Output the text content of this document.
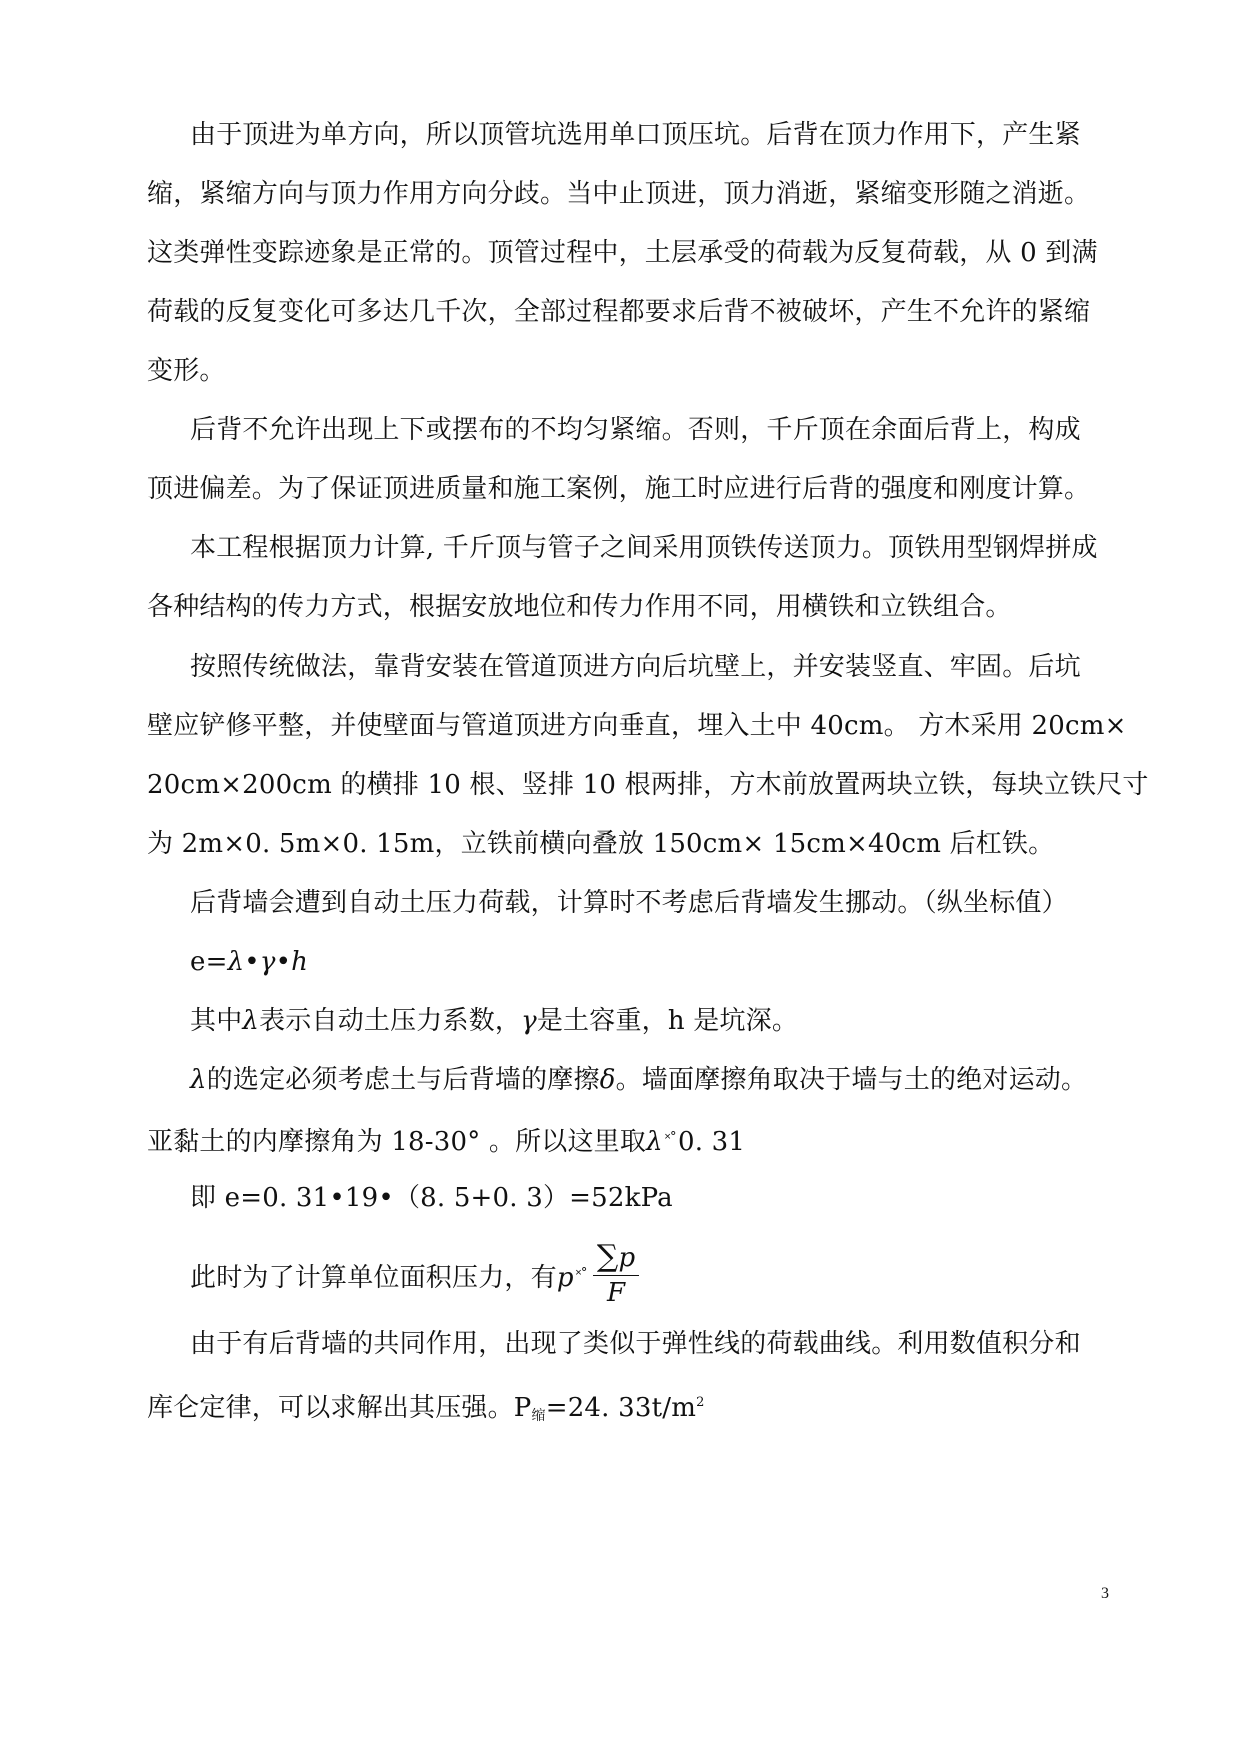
由于顶进为单方向，所以顶管坑选用单口顶压坑。后背在顶力作用下，产生紧
缩，紧缩方向与顶力作用方向分歧。当中止顶进，顶力消逝，紧缩变形随之消逝。
这类弹性变踪迹象是正常的。顶管过程中，土层承受的荷载为反复荷载，从 0 到满
荷载的反复变化可多达几千次，全部过程都要求后背不被破坏，产生不允许的紧缩
变形。
后背不允许出现上下或摆布的不均匀紧缩。否则，千斤顶在余面后背上，构成
顶进偏差。为了保证顶进质量和施工案例，施工时应进行后背的强度和刚度计算。
本工程根据顶力计算, 千斤顶与管子之间采用顶铁传送顶力。顶铁用型钢焊拼成
各种结构的传力方式，根据安放地位和传力作用不同，用横铁和立铁组合。
按照传统做法，靠背安装在管道顶进方向后坑壁上，并安装竖直、牢固。后坑
壁应铲修平整，并使壁面与管道顶进方向垂直，埋入土中 40cm。 方木采用 20cm×
20cm×200cm 的横排 10 根、竖排 10 根两排，方木前放置两块立铁，每块立铁尺寸
为 2m×0. 5m×0. 15m，立铁前横向叠放 150cm× 15cm×40cm 后杠铁。
后背墙会遭到自动土压力荷载，计算时不考虑后背墙发生挪动。（纵坐标值）
e=λ•γ•h
其中λ表示自动土压力系数，γ是土容重，h 是坑深。
λ的选定必须考虑土与后背墙的摩擦δ。墙面摩擦角取决于墙与土的绝对运动。
亚黏土的内摩擦角为 18-30° 。所以这里取λ ˟˚0. 31
即 e=0. 31•19•（8. 5+0. 3）=52kPa
此时为了计算单位面积压力，有p $^{˟˚} \frac{\sum p}{F}$
由于有后背墙的共同作用，出现了类似于弹性线的荷载曲线。利用数值积分和
库仑定律，可以求解出其压强。$P_缩=24$. $33t/m^2$
3
